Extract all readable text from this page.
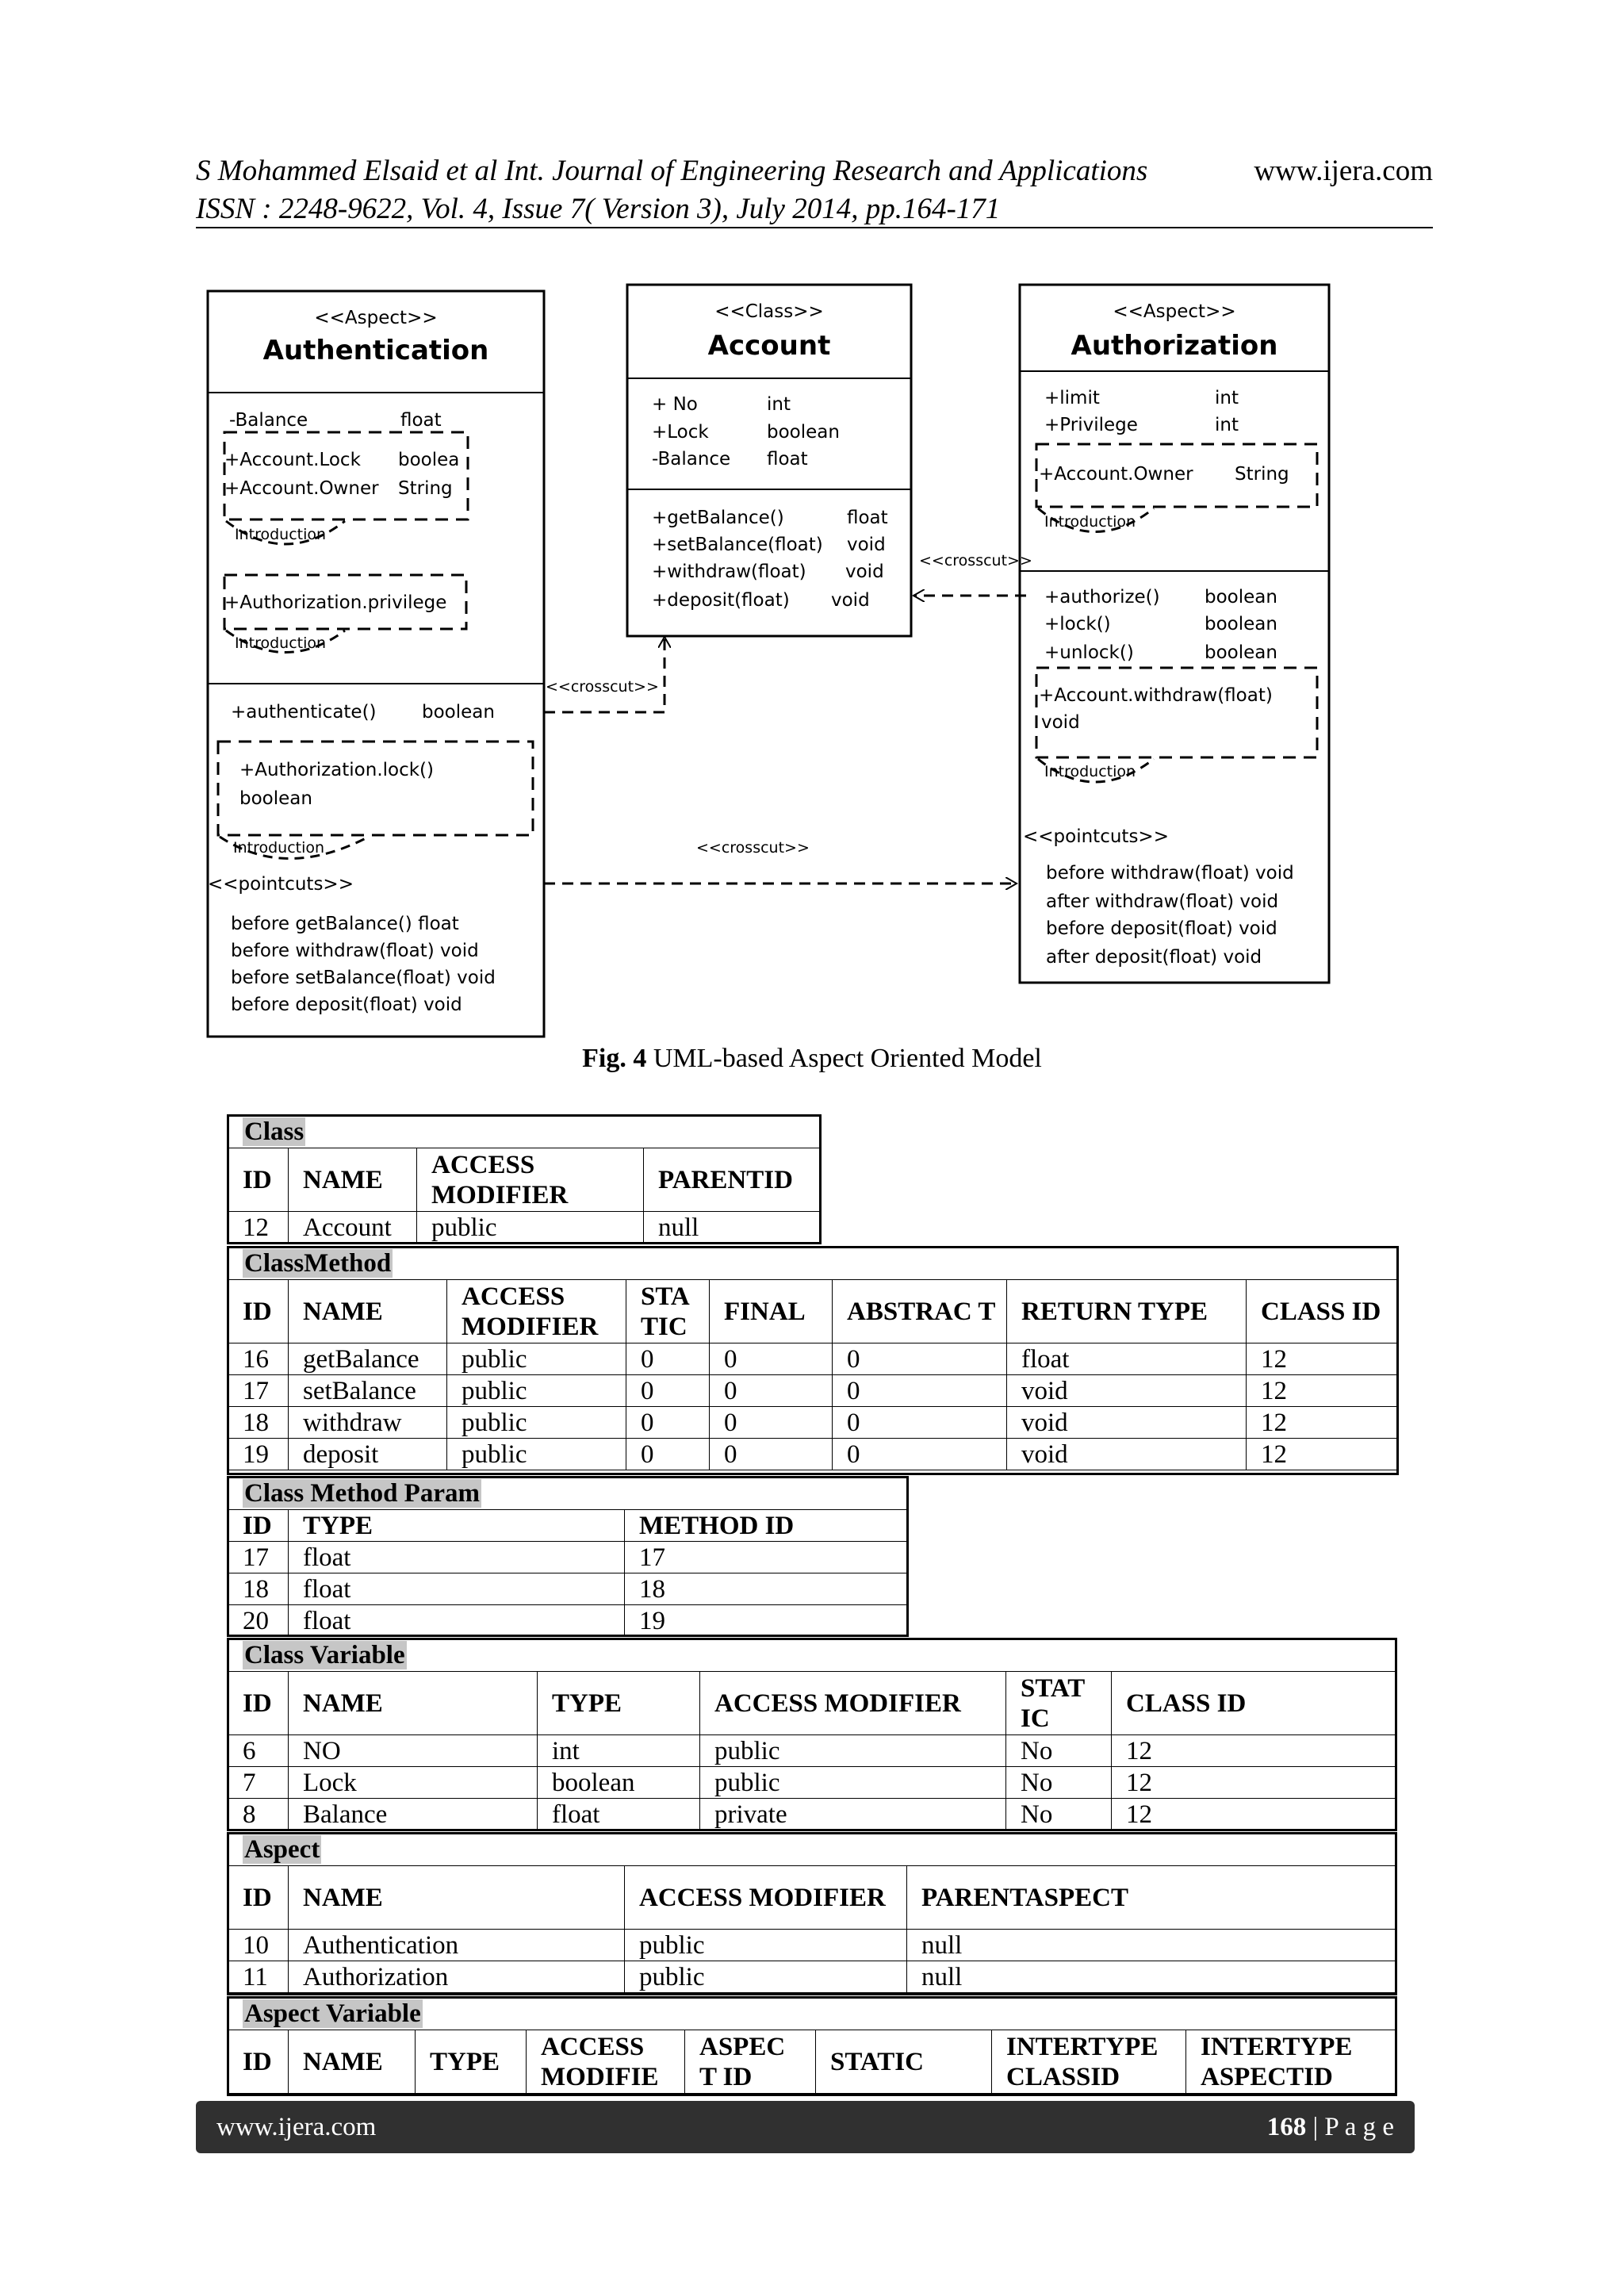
S Mohammed Elsaid et al Int. Journal of Engineering Research and Applications	www.ijera.com
ISSN : 2248-9622, Vol. 4, Issue 7( Version 3), July 2014, pp.164-171
<<Aspect>>
Authentication
-Balance	float
+Account.Lock boolea
+Account.Owner String
Introduction
+Authorization.privilege
Introduction
+authenticate() boolean
+Authorization.lock()
boolean
Introduction
<<pointcuts>>
before getBalance() float
before withdraw(float) void
before setBalance(float) void
before deposit(float) void
<<Class>>
Account
+ No	int
+Lock	boolean
-Balance float
+getBalance()	float
+setBalance(float) void
+withdraw(float) void
+deposit(float) void
<<Aspect>>
Authorization
+limit	int
+Privilege	int
+Account.Owner String
Introduction
+authorize() boolean
+lock()	boolean
+unlock()	boolean
+Account.withdraw(float)
void
Introduction
<<pointcuts>>
before withdraw(float) void
after withdraw(float) void
before deposit(float) void
after deposit(float) void
<<crosscut>>
<<crosscut>>
<<crosscut>>
Fig. 4 UML-based Aspect Oriented Model
Class			
ID	NAME	ACCESS MODIFIER	PARENTID
12	Account	public	null
ClassMethod							
ID	NAME	ACCESS MODIFIER	STA TIC	FINAL	ABSTRAC T	RETURN TYPE	CLASS ID
16	getBalance	public	0	0	0	float	12
17	setBalance	public	0	0	0	void	12
18	withdraw	public	0	0	0	void	12
19	deposit	public	0	0	0	void	12
Class Method Param		
ID	TYPE	METHOD ID
17	float	17
18	float	18
20	float	19
Class Variable					
ID	NAME	TYPE	ACCESS MODIFIER	STAT IC	CLASS ID
6	NO	int	public	No	12
7	Lock	boolean	public	No	12
8	Balance	float	private	No	12
Aspect			
ID	NAME	ACCESS MODIFIER	PARENTASPECT
10	Authentication	public	null
11	Authorization	public	null
Aspect Variable
ID	NAME	TYPE	ACCESS MODIFIE	ASPEC T ID	STATIC	INTERTYPE CLASSID	INTERTYPE ASPECTID
www.ijera.com	168 | P a g e
